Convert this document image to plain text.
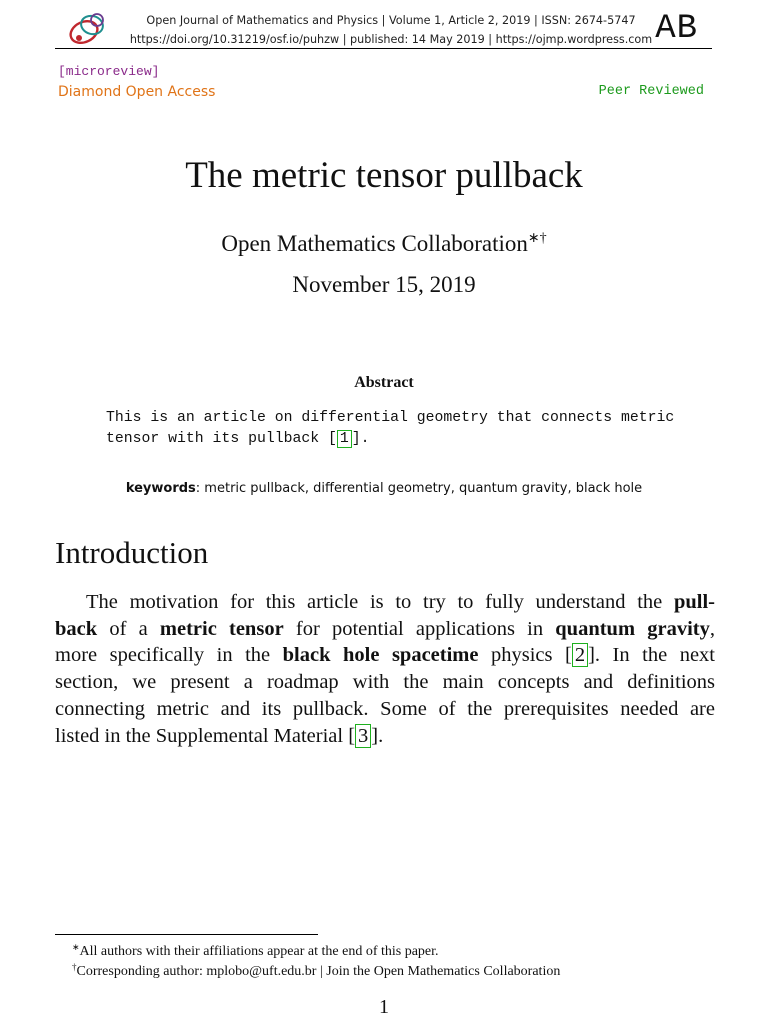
Open Journal of Mathematics and Physics | Volume 1, Article 2, 2019 | ISSN: 2674-5747
https://doi.org/10.31219/osf.io/puhzw | published: 14 May 2019 | https://ojmp.wordpress.com AB
[microreview]
Diamond Open Access	Peer Reviewed
The metric tensor pullback
Open Mathematics Collaboration∗†
November 15, 2019
Abstract
This is an article on differential geometry that connects metric
tensor with its pullback [ 1 ].
keywords: metric pullback, differential geometry, quantum gravity, black hole
Introduction
The motivation for this article is to try to fully understand the pull-
back of a metric tensor for potential applications in quantum gravity,
more specifically in the black hole spacetime physics [ 2 ]. In the next
section, we present a roadmap with the main concepts and definitions
connecting metric and its pullback. Some of the prerequisites needed are
listed in the Supplemental Material [ 3 ].
∗All authors with their affiliations appear at the end of this paper.
†Corresponding author: mplobo@uft.edu.br | Join the Open Mathematics Collaboration
1
